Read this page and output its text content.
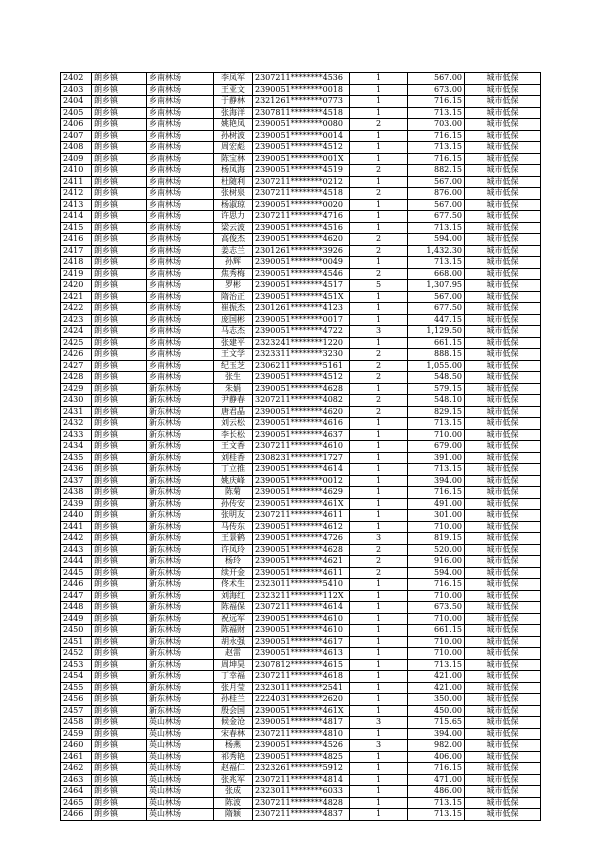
2402	朗乡镇	乡南林场	李凤军	2307211********4536	1	567.00	城市低保
2403	朗乡镇	乡南林场	王亚文	2390051********0018	1	673.00	城市低保
2404	朗乡镇	乡南林场	于静林	2321261********0773	1	716.15	城市低保
2405	朗乡镇	乡南林场	张海洋	2307811********4518	1	713.15	城市低保
2406	朗乡镇	乡南林场	姚艳凤	2390051********0080	2	703.00	城市低保
2407	朗乡镇	乡南林场	孙树波	2390051********0014	1	716.15	城市低保
2408	朗乡镇	乡南林场	周宏彪	2390051********4512	1	713.15	城市低保
2409	朗乡镇	乡南林场	陈宝林	2390051********001X	1	716.15	城市低保
2410	朗乡镇	乡南林场	杨凤海	2390051********4519	2	882.15	城市低保
2411	朗乡镇	乡南林场	杜随利	2307211********0212	1	567.00	城市低保
2412	朗乡镇	乡南林场	张树泉	2307211********4518	2	876.00	城市低保
2413	朗乡镇	乡南林场	杨淑琼	2390051********0020	1	567.00	城市低保
2414	朗乡镇	乡南林场	许思力	2307211********4716	1	677.50	城市低保
2415	朗乡镇	乡南林场	梁云波	2390051********4516	1	713.15	城市低保
2416	朗乡镇	乡南林场	高俊杰	2390051********4620	2	594.00	城市低保
2417	朗乡镇	乡南林场	姜志兰	2301261********3926	2	1,432.30	城市低保
2418	朗乡镇	乡南林场	孙辉	2390051********0049	1	713.15	城市低保
2419	朗乡镇	乡南林场	焦秀梅	2390051********4546	2	668.00	城市低保
2420	朗乡镇	乡南林场	罗彬	2390051********4517	5	1,307.95	城市低保
2421	朗乡镇	乡南林场	隋治正	2390051********451X	1	567.00	城市低保
2422	朗乡镇	乡南林场	崔振杰	2301261********4123	1	677.50	城市低保
2423	朗乡镇	乡南林场	庞国彬	2390051********0017	1	447.15	城市低保
2424	朗乡镇	乡南林场	马志杰	2390051********4722	3	1,129.50	城市低保
2425	朗乡镇	乡南林场	张建平	2323241********1220	1	661.15	城市低保
2426	朗乡镇	乡南林场	王文学	2323311********3230	2	888.15	城市低保
2427	朗乡镇	乡南林场	纪玉芝	2306211********5161	2	1,055.00	城市低保
2428	朗乡镇	乡南林场	张生	2390051********4512	2	548.50	城市低保
2429	朗乡镇	新东林场	朱娟	2390051********4628	1	579.15	城市低保
2430	朗乡镇	新东林场	尹静春	3207211********4082	2	548.10	城市低保
2431	朗乡镇	新东林场	唐君晶	2390051********4620	2	829.15	城市低保
2432	朗乡镇	新东林场	刘云松	2390051********4616	1	713.15	城市低保
2433	朗乡镇	新东林场	李长松	2390051********4637	1	710.00	城市低保
2434	朗乡镇	新东林场	王文香	2307211********4610	1	679.00	城市低保
2435	朗乡镇	新东林场	刘桂香	2308231********1727	1	391.00	城市低保
2436	朗乡镇	新东林场	丁立推	2390051********4614	1	713.15	城市低保
2437	朗乡镇	新东林场	姚庆峰	2390051********0012	1	394.00	城市低保
2438	朗乡镇	新东林场	陈菊	2390051********4629	1	716.15	城市低保
2439	朗乡镇	新东林场	孙传安	2390051********461X	1	491.00	城市低保
2440	朗乡镇	新东林场	张明友	2307211********4611	1	301.00	城市低保
2441	朗乡镇	新东林场	马传东	2390051********4612	1	710.00	城市低保
2442	朗乡镇	新东林场	王景鹤	2390051********4726	3	819.15	城市低保
2443	朗乡镇	新东林场	许凤玲	2390051********4628	2	520.00	城市低保
2444	朗乡镇	新东林场	杨玲	2390051********4621	2	916.00	城市低保
2445	朗乡镇	新东林场	续开金	2390051********4611	2	594.00	城市低保
2446	朗乡镇	新东林场	佟术生	2323011********5410	1	716.15	城市低保
2447	朗乡镇	新东林场	刘海红	2323211********112X	1	710.00	城市低保
2448	朗乡镇	新东林场	陈福保	2307211********4614	1	673.50	城市低保
2449	朗乡镇	新东林场	祝远军	2390051********4610	1	710.00	城市低保
2450	朗乡镇	新东林场	陈福财	2390051********4610	1	661.15	城市低保
2451	朗乡镇	新东林场	胡永强	2390051********4617	1	710.00	城市低保
2452	朗乡镇	新东林场	赵雷	2390051********4613	1	710.00	城市低保
2453	朗乡镇	新东林场	周坤昊	2307812********4615	1	713.15	城市低保
2454	朗乡镇	新东林场	丁幸福	2307211********4618	1	421.00	城市低保
2455	朗乡镇	新东林场	张月莹	2323011********2541	1	421.00	城市低保
2456	朗乡镇	新东林场	孙桂兰	2224031********2620	1	350.00	城市低保
2457	朗乡镇	新东林场	殷会国	2390051********461X	1	450.00	城市低保
2458	朗乡镇	英山林场	候金沧	2390051********4817	3	715.65	城市低保
2459	朗乡镇	英山林场	宋春林	2307211********4810	1	394.00	城市低保
2460	朗乡镇	英山林场	杨燕	2390051********4526	3	982.00	城市低保
2461	朗乡镇	英山林场	祁秀艳	2390051********4825	1	406.00	城市低保
2462	朗乡镇	英山林场	赵福仁	2323261********5912	1	716.15	城市低保
2463	朗乡镇	英山林场	张兆军	2307211********4814	1	471.00	城市低保
2464	朗乡镇	英山林场	张成	2323011********6033	1	486.00	城市低保
2465	朗乡镇	英山林场	陈波	2307211********4828	1	713.15	城市低保
2466	朗乡镇	英山林场	隋颖	2307211********4837	1	713.15	城市低保
